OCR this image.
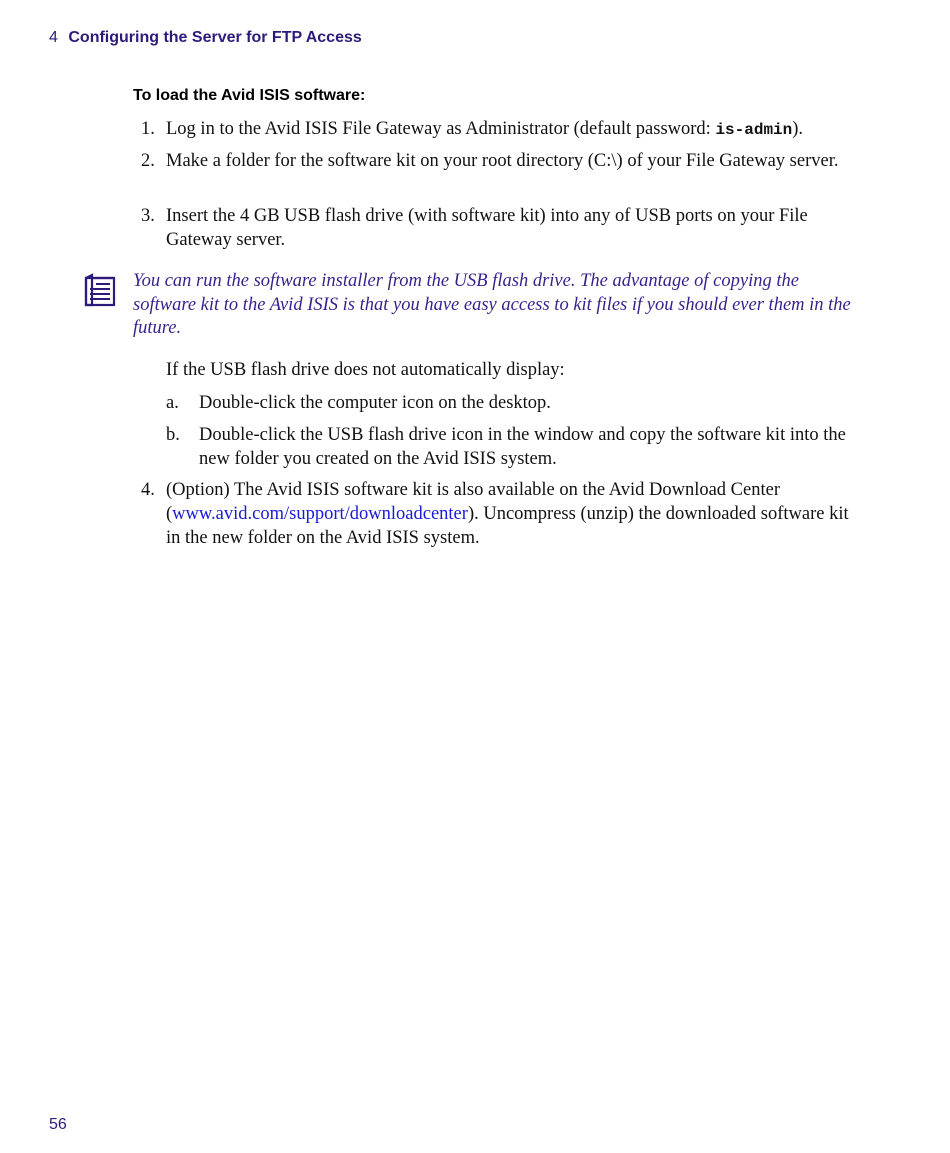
4 Configuring the Server for FTP Access
To load the Avid ISIS software:
1. Log in to the Avid ISIS File Gateway as Administrator (default password: is-admin).
2. Make a folder for the software kit on your root directory (C:\) of your File Gateway server.
3. Insert the 4 GB USB flash drive (with software kit) into any of USB ports on your File Gateway server.
You can run the software installer from the USB flash drive. The advantage of copying the software kit to the Avid ISIS is that you have easy access to kit files if you should ever them in the future.
If the USB flash drive does not automatically display:
a. Double-click the computer icon on the desktop.
b. Double-click the USB flash drive icon in the window and copy the software kit into the new folder you created on the Avid ISIS system.
4. (Option) The Avid ISIS software kit is also available on the Avid Download Center (www.avid.com/support/downloadcenter). Uncompress (unzip) the downloaded software kit in the new folder on the Avid ISIS system.
56
